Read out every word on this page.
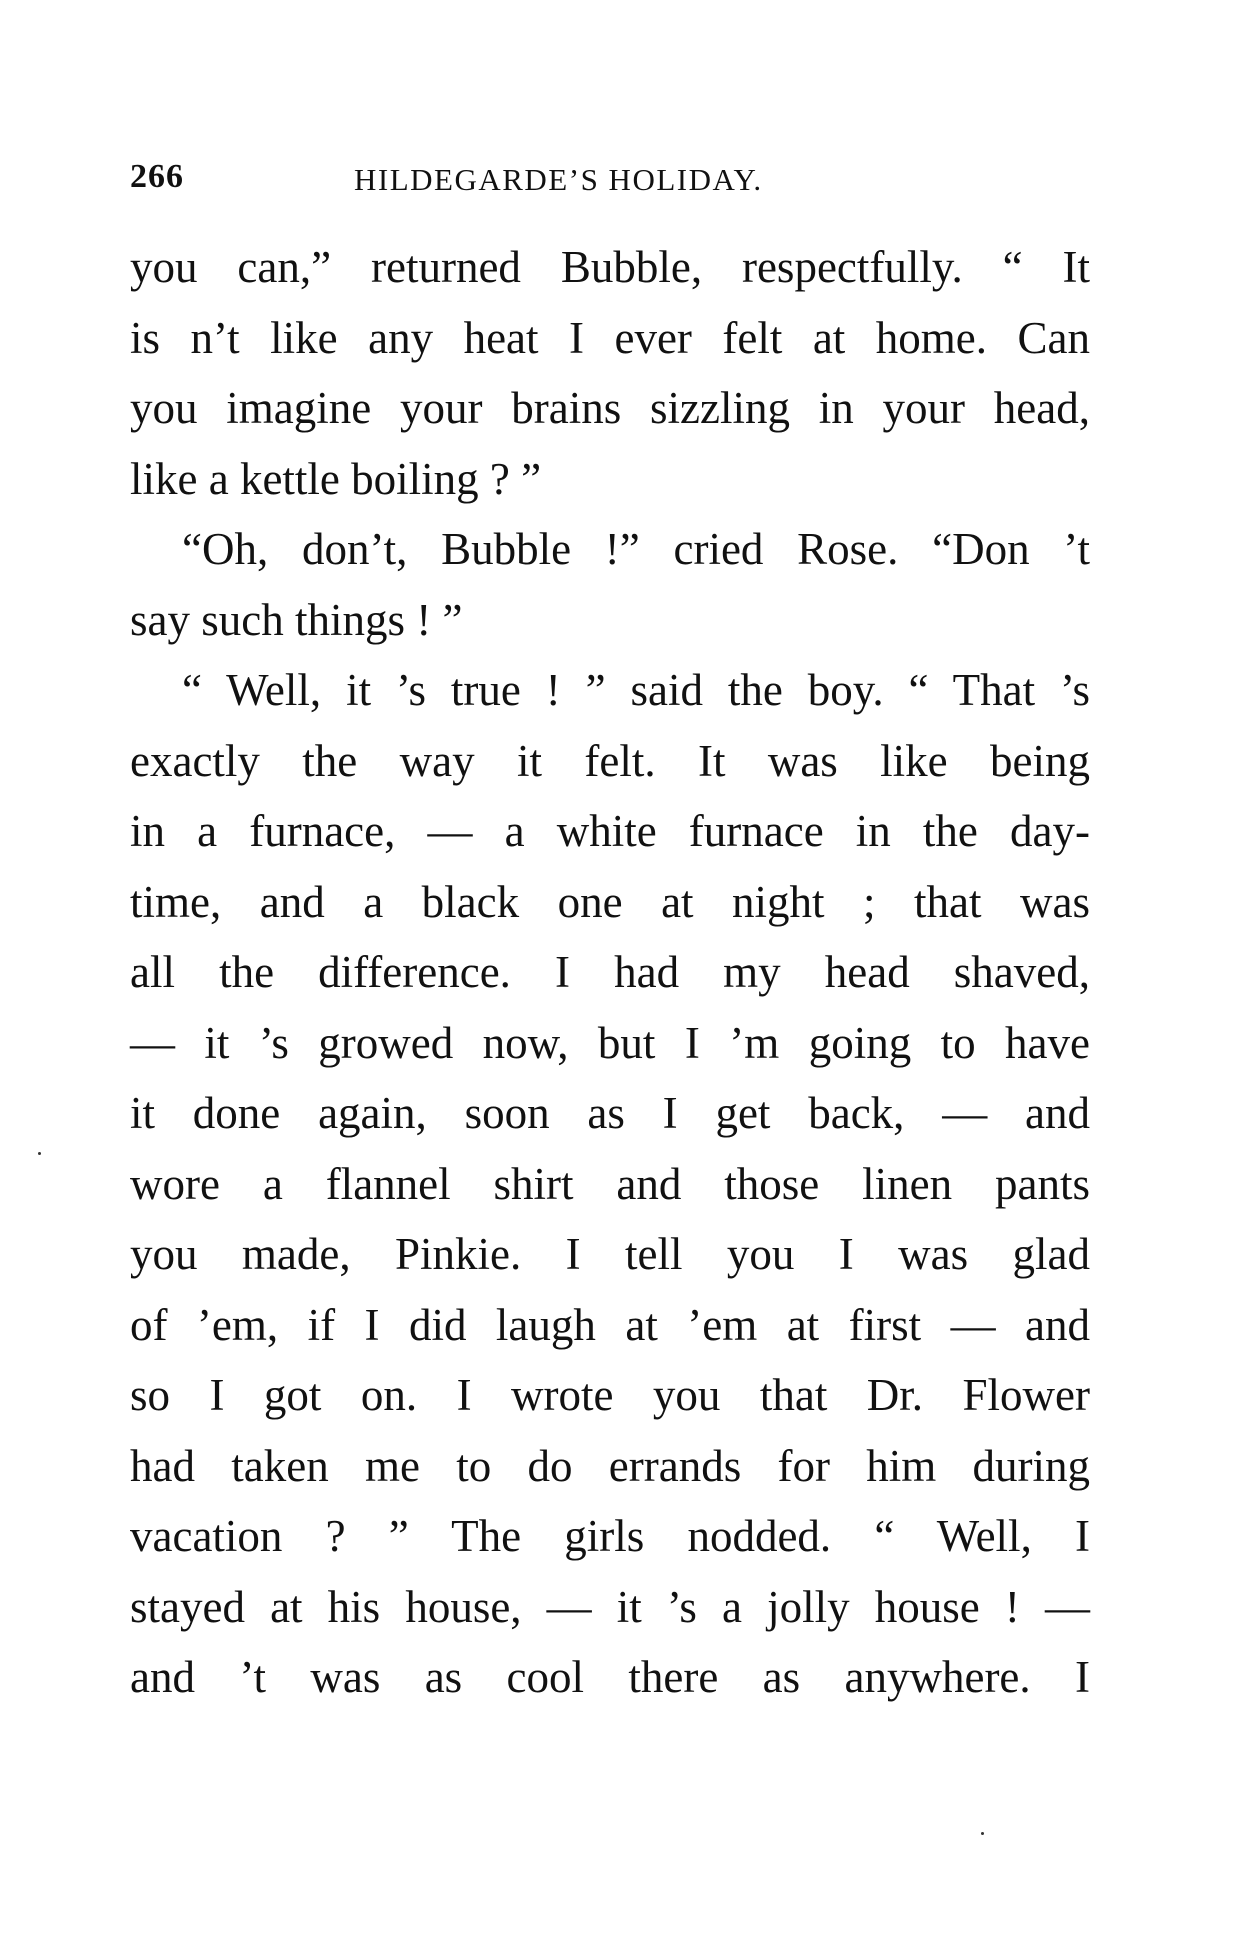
266	HILDEGARDE’S HOLIDAY.
you can,” returned Bubble, respectfully. “ It
is n’t like any heat I ever felt at home. Can
you imagine your brains sizzling in your head,
like a kettle boiling ? ”
“Oh, don’t, Bubble !” cried Rose. “Don ’t
say such things ! ”
“ Well, it ’s true ! ” said the boy. “ That ’s
exactly the way it felt. It was like being
in a furnace, — a white furnace in the day-
time, and a black one at night ; that was
all the difference. I had my head shaved,
— it ’s growed now, but I ’m going to have
it done again, soon as I get back, — and
wore a flannel shirt and those linen pants
you made, Pinkie. I tell you I was glad
of ’em, if I did laugh at ’em at first — and
so I got on. I wrote you that Dr. Flower
had taken me to do errands for him during
vacation ? ” The girls nodded. “ Well, I
stayed at his house, — it ’s a jolly house ! —
and ’t was as cool there as anywhere. I
